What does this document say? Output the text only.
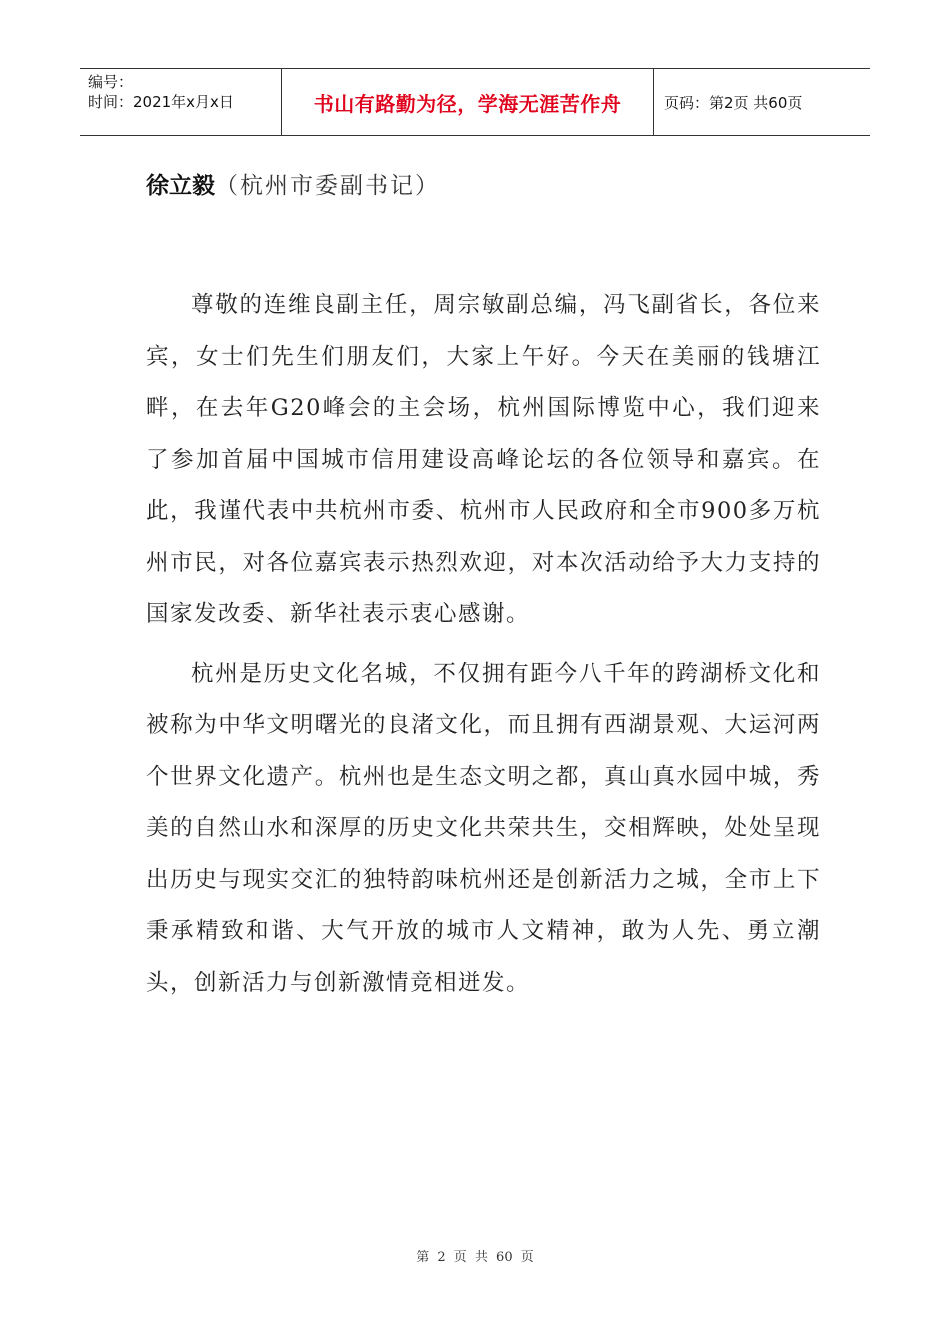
编号：
时间：2021年x月x日	书山有路勤为径，学海无涯苦作舟	页码：第2页 共60页
徐立毅（杭州市委副书记）

尊敬的连维良副主任，周宗敏副总编，冯飞副省长，各位来宾，女士们先生们朋友们，大家上午好。今天在美丽的钱塘江畔，在去年G20峰会的主会场，杭州国际博览中心，我们迎来了参加首届中国城市信用建设高峰论坛的各位领导和嘉宾。在此，我谨代表中共杭州市委、杭州市人民政府和全市900多万杭州市民，对各位嘉宾表示热烈欢迎，对本次活动给予大力支持的国家发改委、新华社表示衷心感谢。

杭州是历史文化名城，不仅拥有距今八千年的跨湖桥文化和被称为中华文明曙光的良渚文化，而且拥有西湖景观、大运河两个世界文化遗产。杭州也是生态文明之都，真山真水园中城，秀美的自然山水和深厚的历史文化共荣共生，交相辉映，处处呈现出历史与现实交汇的独特韵味杭州还是创新活力之城，全市上下秉承精致和谐、大气开放的城市人文精神，敢为人先、勇立潮头，创新活力与创新激情竞相迸发。

第 2 页 共 60 页
